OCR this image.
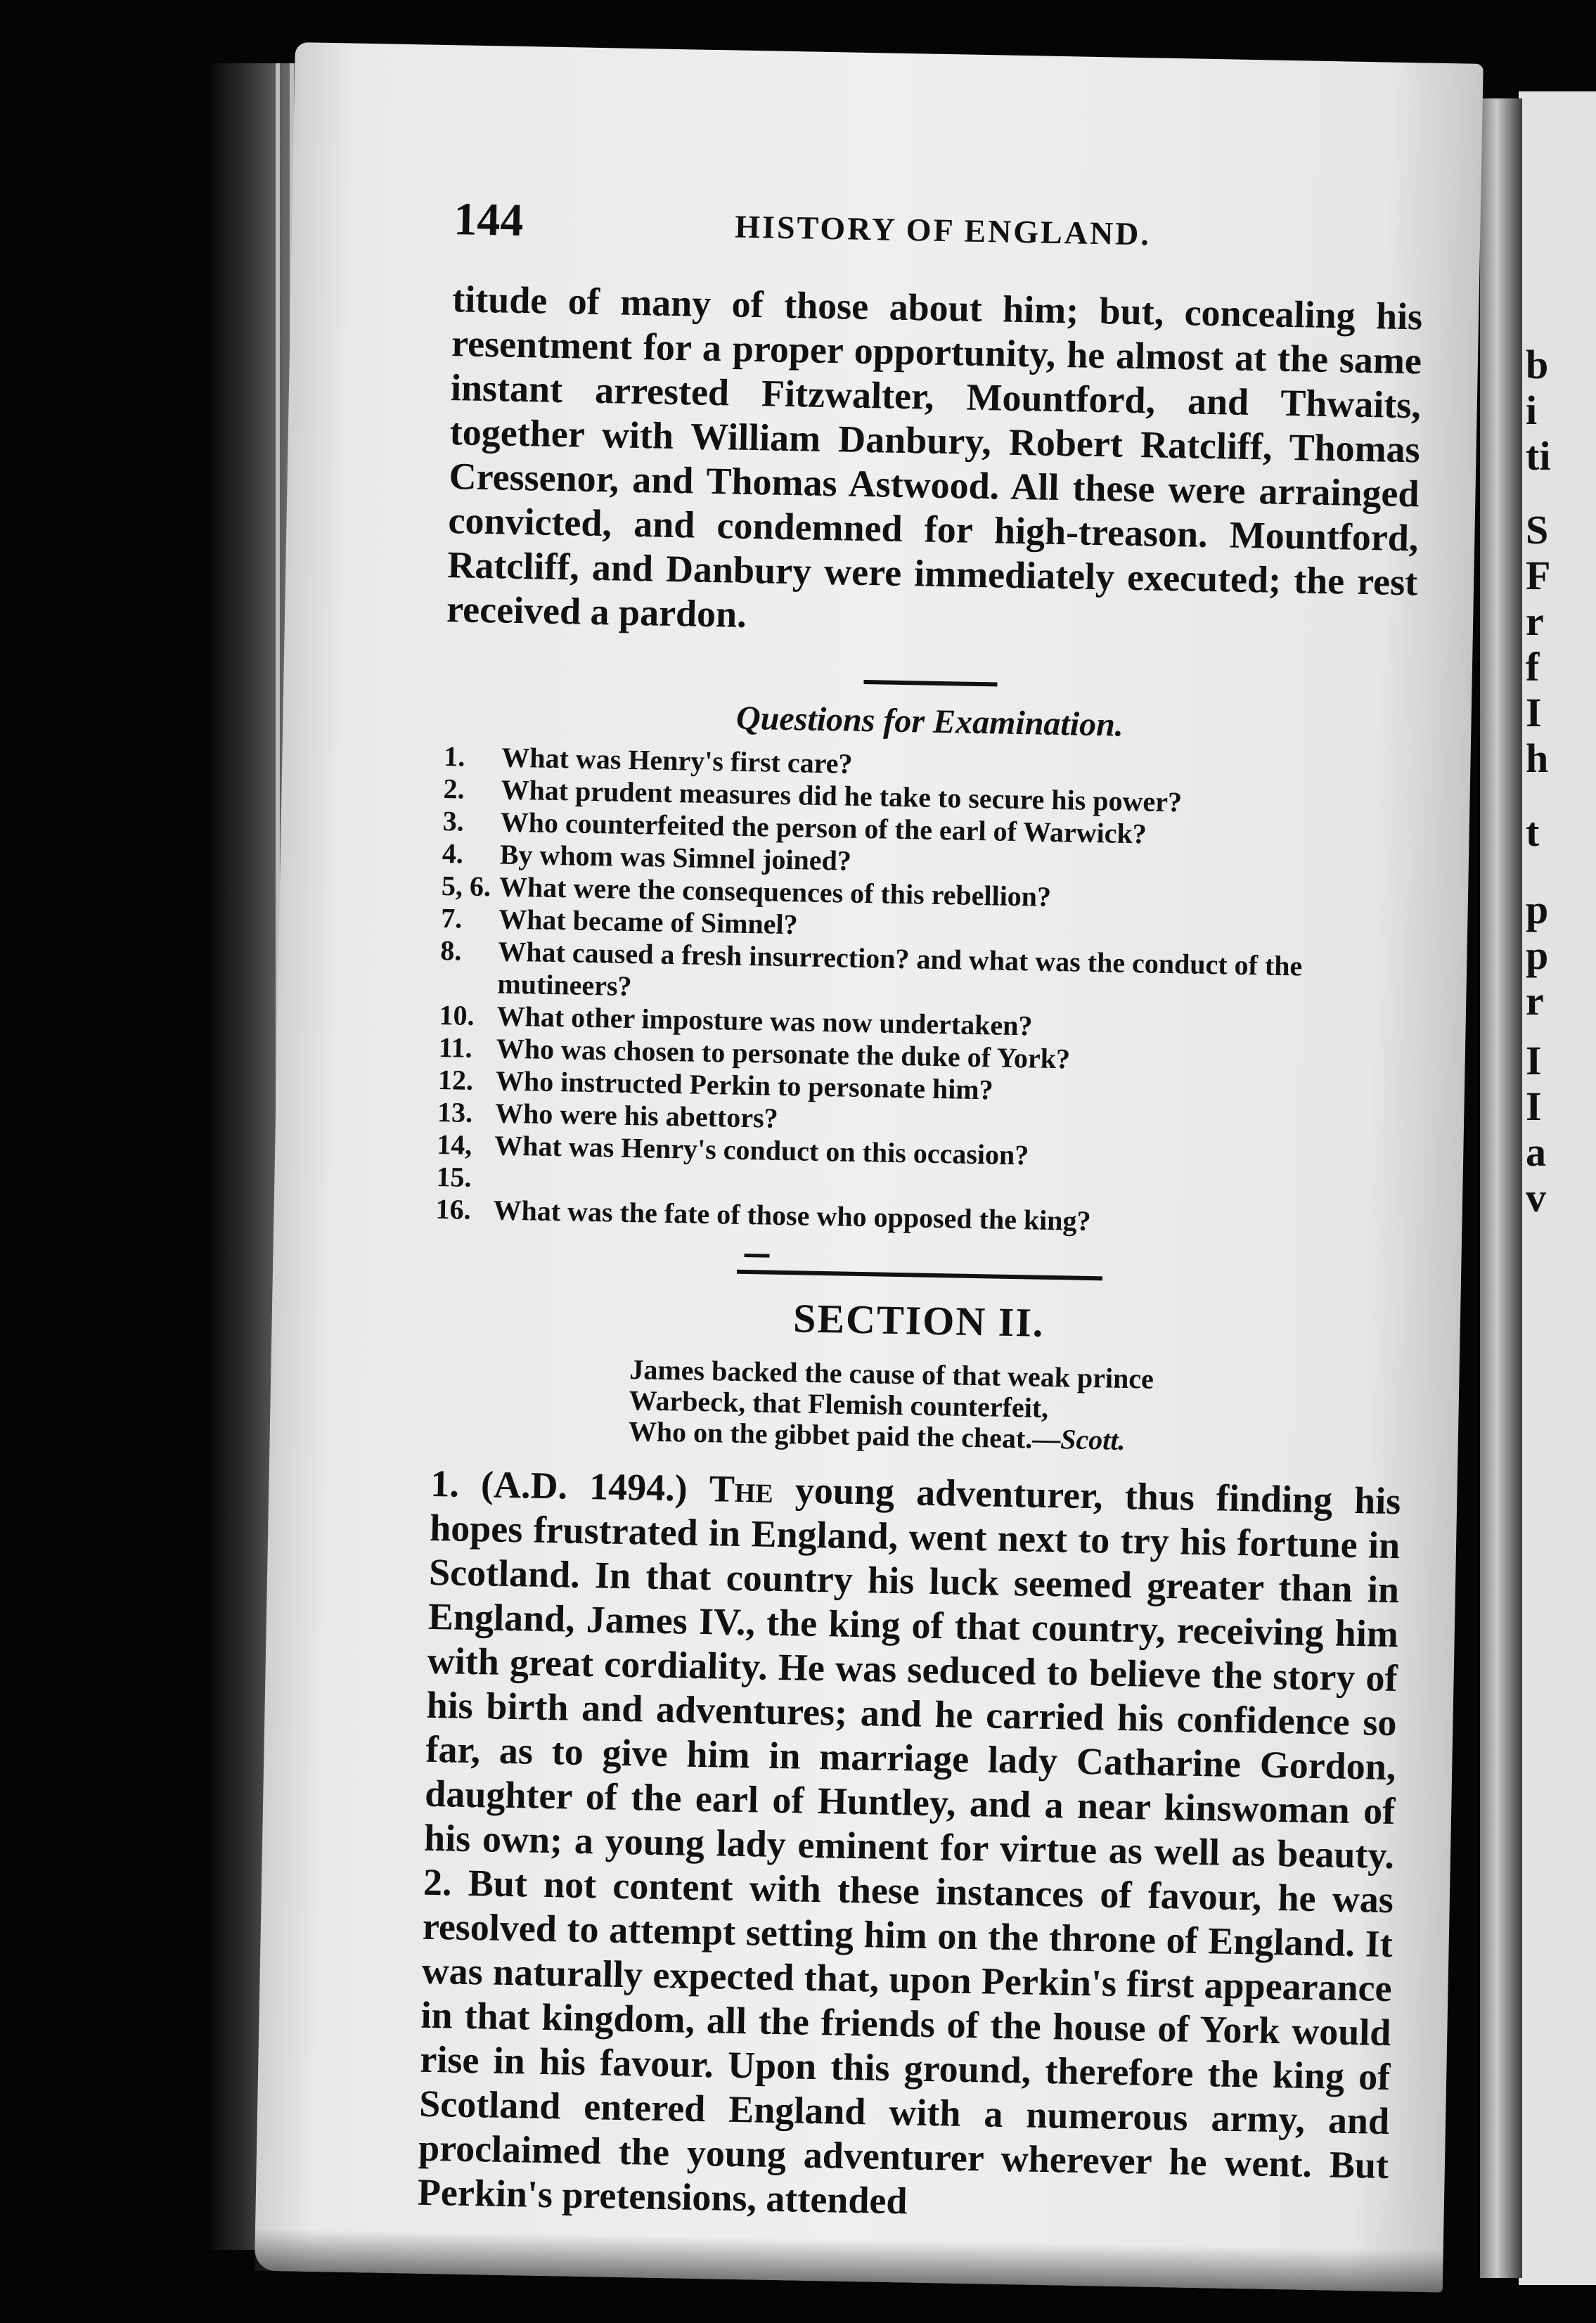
b
i
ti
S
F
r
f
I
h
t
p
p
r
I
I
a
v
144	HISTORY OF ENGLAND.

titude of many of those about him; but, concealing his resentment for a proper opportunity, he almost at the same instant arrested Fitzwalter, Mountford, and Thwaits, together with William Danbury, Robert Ratcliff, Thomas Cressenor, and Thomas Astwood. All these were arrainged convicted, and condemned for high-treason. Mountford, Ratcliff, and Danbury were immediately executed; the rest received a pardon.

Questions for Examination.
1.	What was Henry's first care?
2.	What prudent measures did he take to secure his power?
3.	Who counterfeited the person of the earl of Warwick?
4.	By whom was Simnel joined?
5, 6. What were the consequences of this rebellion?
7.	What became of Simnel?
8.	What caused a fresh insurrection? and what was the conduct of the mutineers?
10. What other imposture was now undertaken?
11. Who was chosen to personate the duke of York?
12. Who instructed Perkin to personate him?
13. Who were his abettors?
14, 15.
What was Henry's conduct on this occasion?
16. What was the fate of those who opposed the king?
SECTION II.
James backed the cause of that weak prince
Warbeck, that Flemish counterfeit,
Who on the gibbet paid the cheat.—Scott.

1. (A.D. 1494.) The young adventurer, thus finding his hopes frustrated in England, went next to try his fortune in Scotland. In that country his luck seemed greater than in England, James IV., the king of that country, receiving him with great cordiality. He was seduced to believe the story of his birth and adventures; and he carried his confidence so far, as to give him in marriage lady Catharine Gordon, daughter of the earl of Huntley, and a near kinswoman of his own; a young lady eminent for virtue as well as beauty. 2. But not content with these instances of favour, he was resolved to attempt setting him on the throne of England. It was naturally expected that, upon Perkin's first appearance in that kingdom, all the friends of the house of York would rise in his favour. Upon this ground, therefore the king of Scotland entered England with a numerous army, and proclaimed the young adventurer wherever he went. But Perkin's pretensions, attended
